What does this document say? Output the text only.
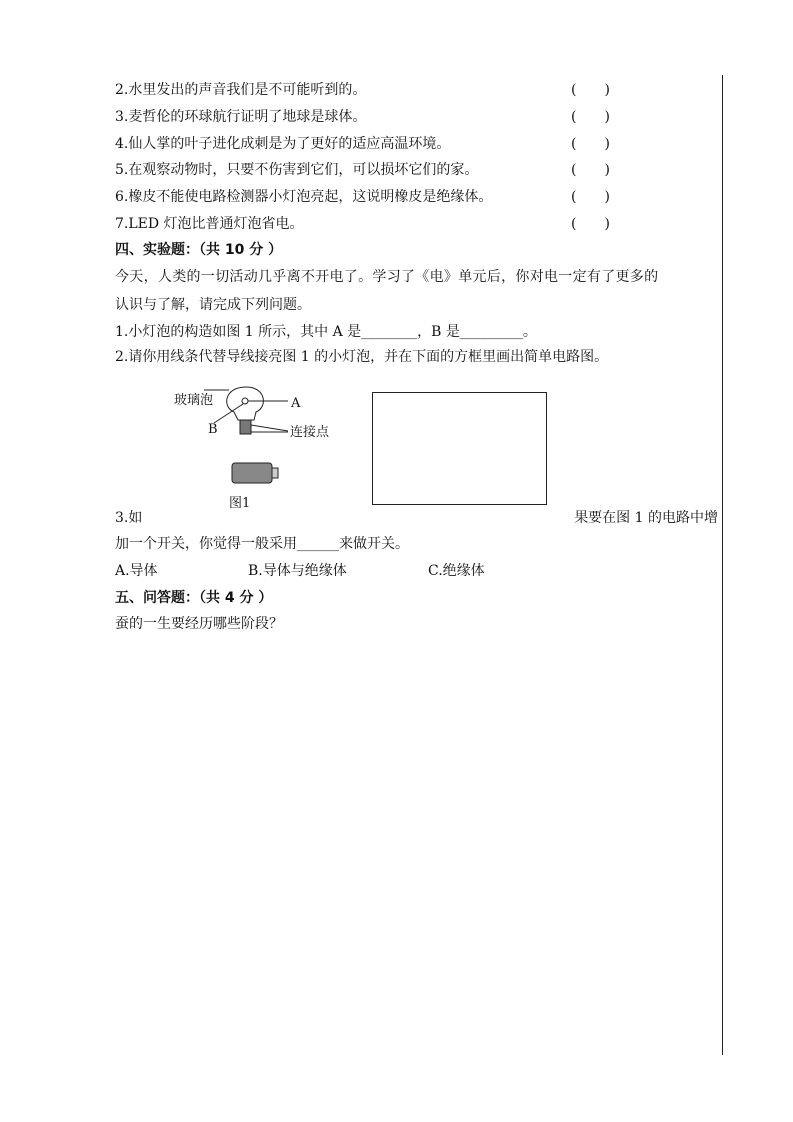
2.水里发出的声音我们是不可能听到的。	(　　)
3.麦哲伦的环球航行证明了地球是球体。	(　　)
4.仙人掌的叶子进化成刺是为了更好的适应高温环境。	(　　)
5.在观察动物时，只要不伤害到它们，可以损坏它们的家。	(　　)
6.橡皮不能使电路检测器小灯泡亮起，这说明橡皮是绝缘体。	(　　)
7.LED 灯泡比普通灯泡省电。	(　　)
四、实验题：（共 10 分 ）
今天，人类的一切活动几乎离不开电了。学习了《电》单元后，你对电一定有了更多的
认识与了解，请完成下列问题。
1.小灯泡的构造如图 1 所示，其中 A 是________，B 是_________。
2.请你用线条代替导线接亮图 1 的小灯泡，并在下面的方框里画出简单电路图。
玻璃泡	A
B	连接点
图1
3.如	果要在图 1 的电路中增
加一个开关，你觉得一般采用______来做开关。
A.导体	B.导体与绝缘体	C.绝缘体
五、问答题：（共 4 分 ）
蚕的一生要经历哪些阶段？
